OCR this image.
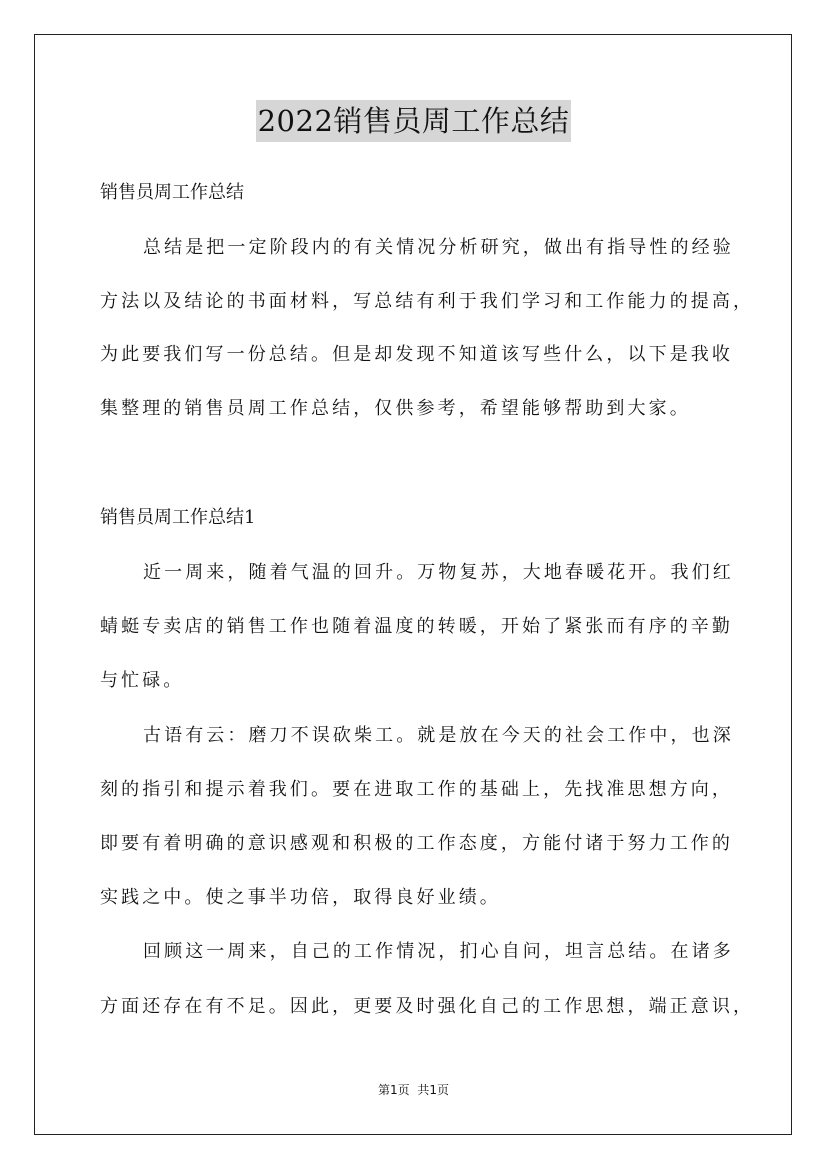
2022销售员周工作总结
销售员周工作总结
总结是把一定阶段内的有关情况分析研究，做出有指导性的经验
方法以及结论的书面材料，写总结有利于我们学习和工作能力的提高，
为此要我们写一份总结。但是却发现不知道该写些什么，以下是我收
集整理的销售员周工作总结，仅供参考，希望能够帮助到大家。
销售员周工作总结1
近一周来，随着气温的回升。万物复苏，大地春暖花开。我们红
蜻蜓专卖店的销售工作也随着温度的转暖，开始了紧张而有序的辛勤
与忙碌。
古语有云：磨刀不误砍柴工。就是放在今天的社会工作中，也深
刻的指引和提示着我们。要在进取工作的基础上，先找准思想方向，
即要有着明确的意识感观和积极的工作态度，方能付诸于努力工作的
实践之中。使之事半功倍，取得良好业绩。
回顾这一周来，自己的工作情况，扪心自问，坦言总结。在诸多
方面还存在有不足。因此，更要及时强化自己的工作思想，端正意识，
第1页 共1页
